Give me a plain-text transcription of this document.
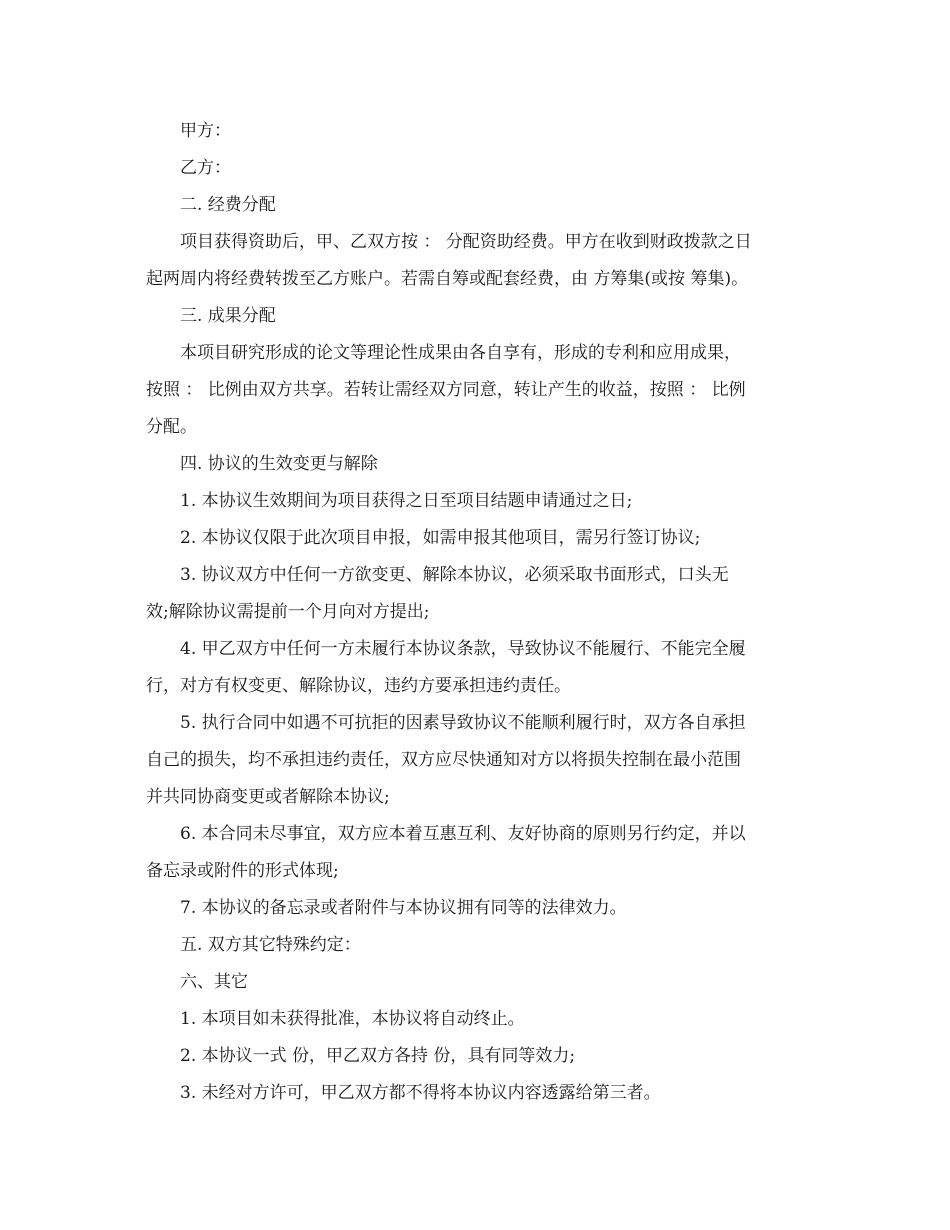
甲方：
乙方：
二. 经费分配
项目获得资助后，甲、乙双方按 ： 分配资助经费。甲方在收到财政拨款之日
起两周内将经费转拨至乙方账户。若需自筹或配套经费，由 方筹集(或按 筹集)。
三. 成果分配
本项目研究形成的论文等理论性成果由各自享有，形成的专利和应用成果，
按照 ： 比例由双方共享。若转让需经双方同意，转让产生的收益，按照 ： 比例
分配。
四. 协议的生效变更与解除
1. 本协议生效期间为项目获得之日至项目结题申请通过之日;
2. 本协议仅限于此次项目申报，如需申报其他项目，需另行签订协议;
3. 协议双方中任何一方欲变更、解除本协议，必须采取书面形式，口头无
效;解除协议需提前一个月向对方提出;
4. 甲乙双方中任何一方未履行本协议条款，导致协议不能履行、不能完全履
行，对方有权变更、解除协议，违约方要承担违约责任。
5. 执行合同中如遇不可抗拒的因素导致协议不能顺利履行时，双方各自承担
自己的损失，均不承担违约责任，双方应尽快通知对方以将损失控制在最小范围
并共同协商变更或者解除本协议;
6. 本合同未尽事宜，双方应本着互惠互利、友好协商的原则另行约定，并以
备忘录或附件的形式体现;
7. 本协议的备忘录或者附件与本协议拥有同等的法律效力。
五. 双方其它特殊约定：
六、其它
1. 本项目如未获得批准，本协议将自动终止。
2. 本协议一式 份，甲乙双方各持 份，具有同等效力;
3. 未经对方许可，甲乙双方都不得将本协议内容透露给第三者。
